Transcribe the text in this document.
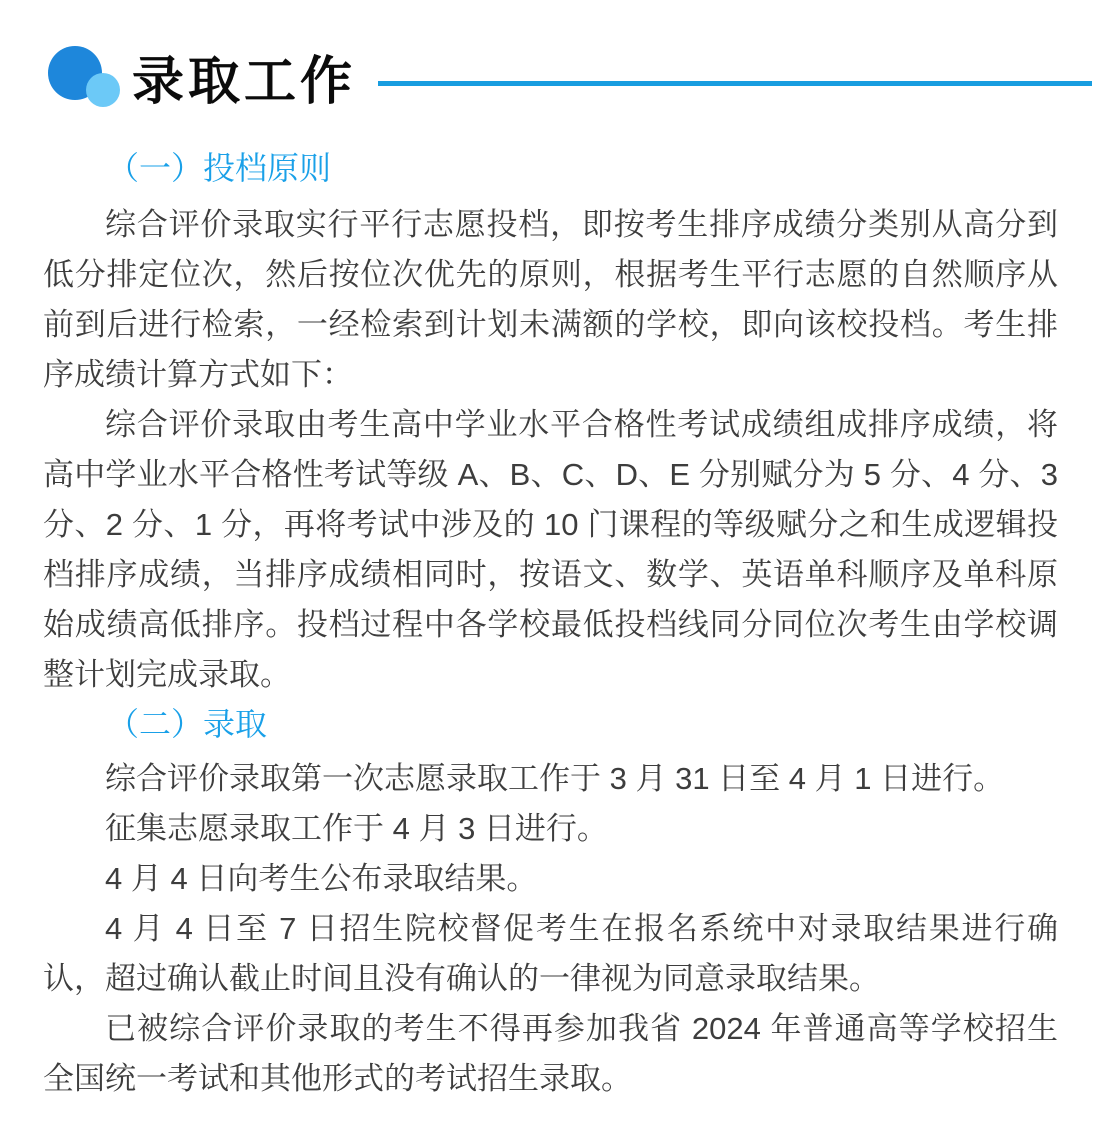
录取工作
（一）投档原则

综合评价录取实行平行志愿投档，即按考生排序成绩分类别从高分到低分排定位次，然后按位次优先的原则，根据考生平行志愿的自然顺序从前到后进行检索，一经检索到计划未满额的学校，即向该校投档。考生排序成绩计算方式如下：

综合评价录取由考生高中学业水平合格性考试成绩组成排序成绩，将高中学业水平合格性考试等级 A、B、C、D、E 分别赋分为 5 分、4 分、3 分、2 分、1 分，再将考试中涉及的 10 门课程的等级赋分之和生成逻辑投档排序成绩，当排序成绩相同时，按语文、数学、英语单科顺序及单科原始成绩高低排序。投档过程中各学校最低投档线同分同位次考生由学校调整计划完成录取。

（二）录取

综合评价录取第一次志愿录取工作于 3 月 31 日至 4 月 1 日进行。

征集志愿录取工作于 4 月 3 日进行。

4 月 4 日向考生公布录取结果。

4 月 4 日至 7 日招生院校督促考生在报名系统中对录取结果进行确认，超过确认截止时间且没有确认的一律视为同意录取结果。

已被综合评价录取的考生不得再参加我省 2024 年普通高等学校招生全国统一考试和其他形式的考试招生录取。
